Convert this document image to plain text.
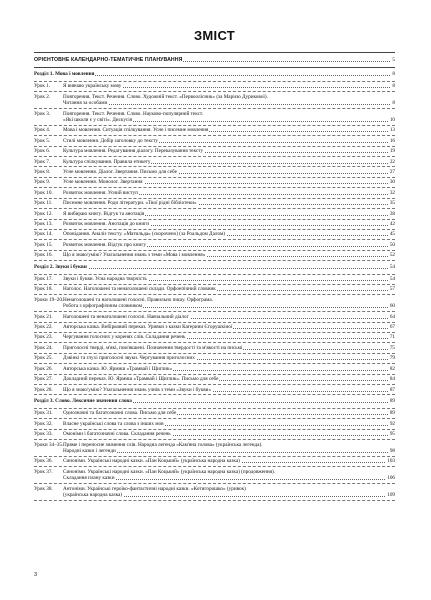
ЗМІСТ
ОРІЄНТОВНЕ КАЛЕНДАРНО-ТЕМАТИЧНЕ ПЛАНУВАННЯ	5
Розділ 1. Мова і мовлення	8
Урок 1.	Я вивчаю українську мову	8
Урок 2.	Повторення. Текст. Речення. Слово. Художній текст. «Первоолісник» (за Марією Дурикової).
Читання за особами	8
Урок 3.	Повторення. Текст. Речення. Слово. Науково-популярний текст.
«Які школи є у світі». Дискусія	10
Урок 4.	Мова і мовлення. Ситуація спілкування. Усне і писемне мовлення	13
Урок 5.	Стилі мовлення. Добір заголовку до тексту	16
Урок 6.	Культура мовлення. Редагування діалогу. Переказування тексту	19
Урок 7.	Культура спілкування. Правила етикету	22
Урок 8.	Усне мовлення. Діалог. Звертання. Письмо для себе	27
Урок 9.	Усне мовлення. Монолог. Звертання	30
Урок 10.	Розвиток мовлення. Усний виступ	32
Урок 11.	Писемне мовлення. Роди літератури. «Твої рідні бібліотеки»	35
Урок 12.	Я вибираю книгу. Відгук та анотація	38
Урок 13.	Розвиток мовлення. Анотація до книги	42
Урок 14.	Оповідання. Аналіз тексту. «Матильда» (скорочено) (за Роальдом Далом)	45
Урок 15.	Розвиток мовлення. Відгук про книгу	50
Урок 16.	Що я знаю/умію? Узагальнення знань з теми «Мова і мовлення»	52
Розділ 2. Звуки і букви	54
Урок 17.	Звуки і букви. Усна народна творчість	54
Урок 18.	Наголос. Наголошені та ненаголошені склади. Орфоепічний словник	57
Уроки 19–20. Ненаголошені та наголошені голосні. Правильно пишу. Орфограма.
Робота з орфографічним словником	60
Урок 21.	Наголошені та ненаголошені голосні. Навчальний діалог	64
Урок 22.	Авторська казка. Вибірковий переказ. Уривки з казки Катерини Єгорушкіної	67
Урок 23.	Чергування голосних у коренях слів. Складання речень	71
Урок 24.	Приголосні тверді, м'які, пом'якшені. Позначення твердості та м'якості на письмі	75
Урок 25.	Дзвінкі та глухі приголосні звуки. Чергування приголосних	79
Урок 26.	Авторська казка. Ю. Ярмиш «Трамвай і Щиглик»	82
Урок 27.	Докладний переказ. Ю. Ярмиш «Трамвай і Щиглик». Письмо для себе	84
Урок 28.	Що я знаю/умію? Узагальнення знань учнів з теми «Звуки і букви»	87
Розділ 3. Слово. Лексичне значення слова	89
Урок 31.	Однозначні та багатозначні слова. Письмо для себе	89
Урок 32.	Власне українські слова та слова з інших мов	92
Урок 33.	Омоніми і багатозначні слова. Складання речень	95
Уроки 34–35. Пряме і переносне значення слів. Народна легенда «Кам'яна голова» (українська легенда).
Народні казки і легенди	98
Урок 36.	Синоніми. Українські народні казки. «Пан Коцький» (українська народна казка)	103
Урок 37.	Синоніми. Українські народні казки. «Пан Коцький» (українська народна казка) (продовження).
Складання плану казки	106
Урок 38.	Антоніми. Українські героїко-фантастичні народні казки. «Котигорошко» (уривок)
(українська народна казка)	109
3
